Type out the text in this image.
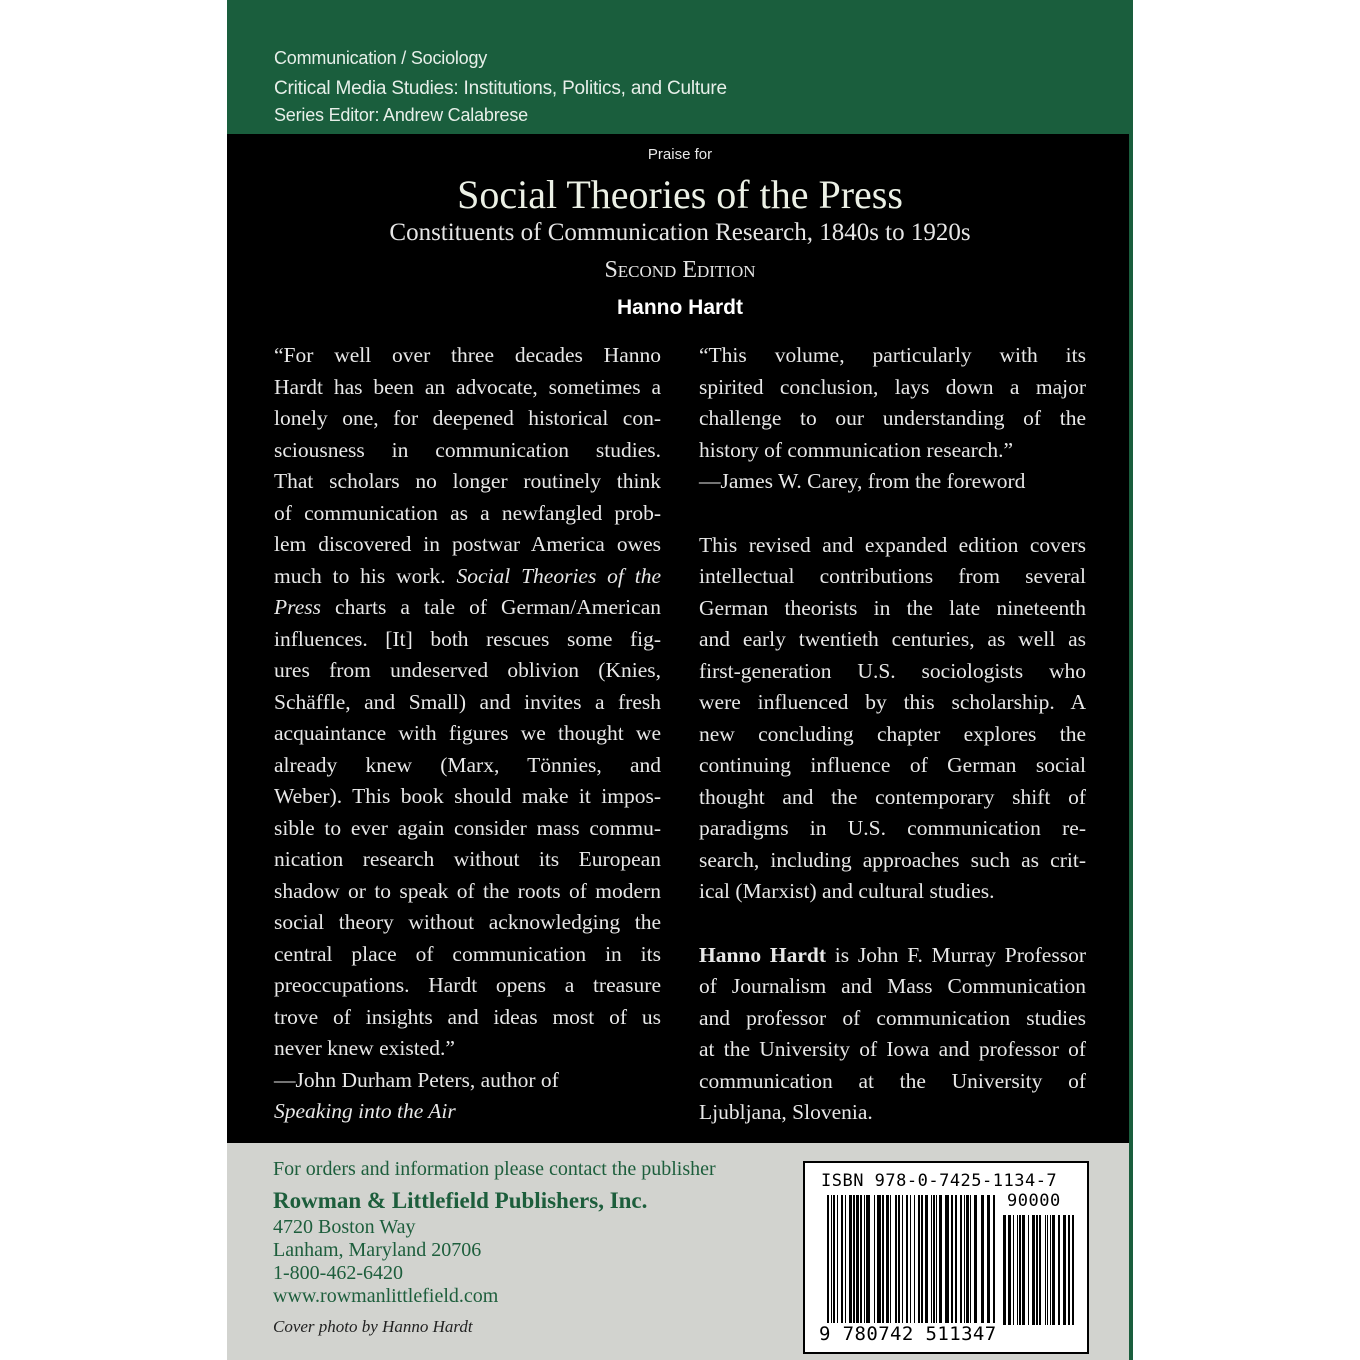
Communication / Sociology
Critical Media Studies: Institutions, Politics, and Culture
Series Editor: Andrew Calabrese
Praise for
Social Theories of the Press
Constituents of Communication Research, 1840s to 1920s
Second Edition
Hanno Hardt
“For well over three decades Hanno
Hardt has been an advocate, sometimes a
lonely one, for deepened historical con-
sciousness in communication studies.
That scholars no longer routinely think
of communication as a newfangled prob-
lem discovered in postwar America owes
much to his work. Social Theories of the
Press charts a tale of German/American
influences. [It] both rescues some fig-
ures from undeserved oblivion (Knies,
Schäffle, and Small) and invites a fresh
acquaintance with figures we thought we
already knew (Marx, Tönnies, and
Weber). This book should make it impos-
sible to ever again consider mass commu-
nication research without its European
shadow or to speak of the roots of modern
social theory without acknowledging the
central place of communication in its
preoccupations. Hardt opens a treasure
trove of insights and ideas most of us
never knew existed.”
—John Durham Peters, author of
Speaking into the Air
“This volume, particularly with its
spirited conclusion, lays down a major
challenge to our understanding of the
history of communication research.”
—James W. Carey, from the foreword
This revised and expanded edition covers
intellectual contributions from several
German theorists in the late nineteenth
and early twentieth centuries, as well as
first-generation U.S. sociologists who
were influenced by this scholarship. A
new concluding chapter explores the
continuing influence of German social
thought and the contemporary shift of
paradigms in U.S. communication re-
search, including approaches such as crit-
ical (Marxist) and cultural studies.
Hanno Hardt is John F. Murray Professor
of Journalism and Mass Communication
and professor of communication studies
at the University of Iowa and professor of
communication at the University of
Ljubljana, Slovenia.
For orders and information please contact the publisher
Rowman & Littlefield Publishers, Inc.
4720 Boston Way
Lanham, Maryland 20706
1-800-462-6420
www.rowmanlittlefield.com
Cover photo by Hanno Hardt
ISBN 978-0-7425-1134-7
90000
9 780742 511347
